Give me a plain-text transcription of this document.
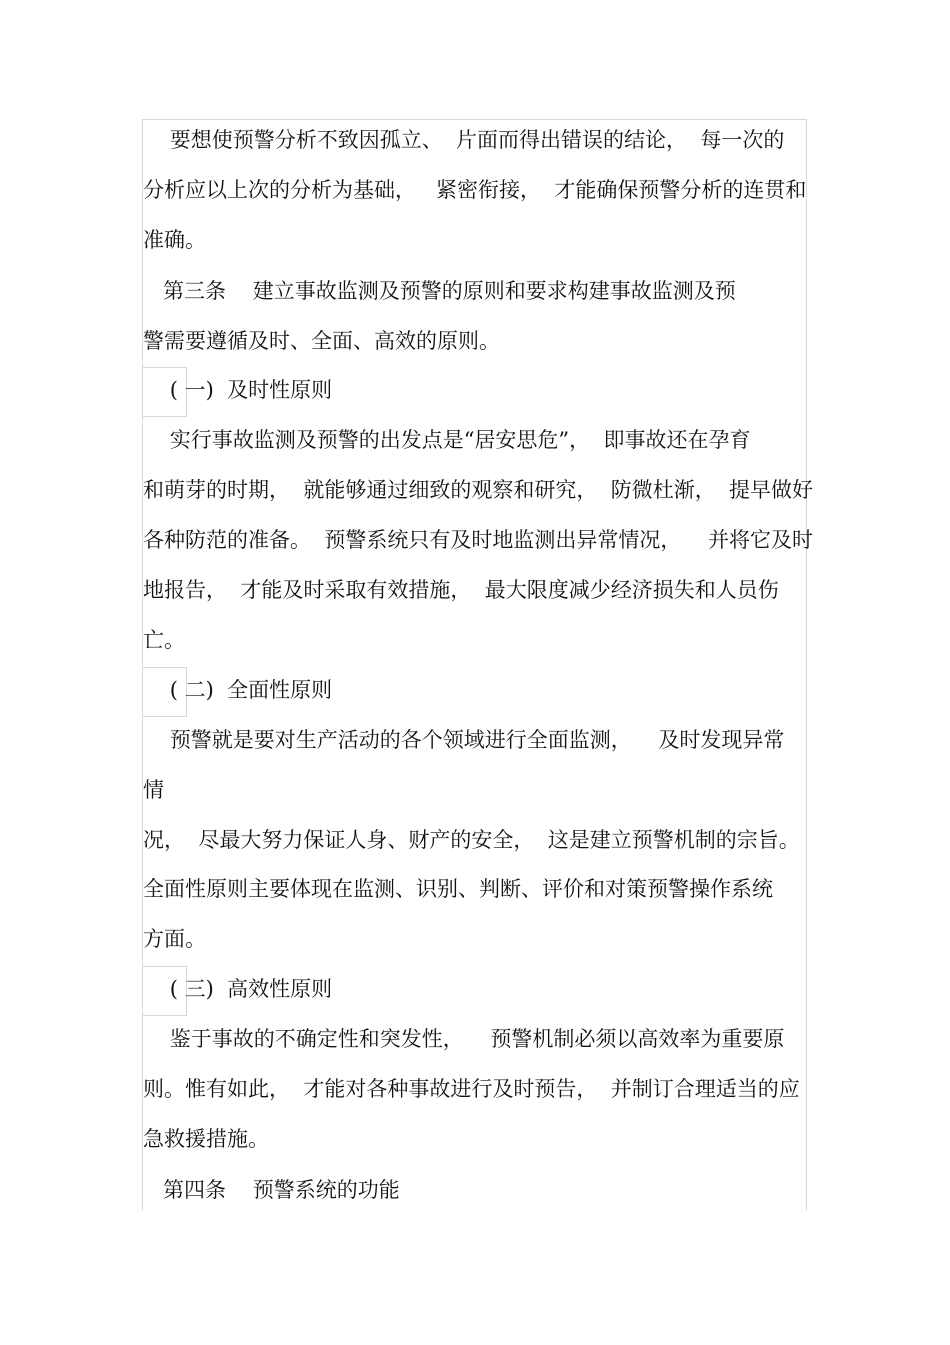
要想使预警分析不致因孤立、  片面而得出错误的结论，  每一次的
分析应以上次的分析为基础，   紧密衔接，  才能确保预警分析的连贯和
准确。
第三条    建立事故监测及预警的原则和要求构建事故监测及预
警需要遵循及时、全面、高效的原则。
( 一)  及时性原则
实行事故监测及预警的出发点是“居安思危”，  即事故还在孕育
和萌芽的时期，  就能够通过细致的观察和研究，  防微杜渐，  提早做好
各种防范的准备。  预警系统只有及时地监测出异常情况，    并将它及时
地报告，  才能及时采取有效措施，  最大限度减少经济损失和人员伤
亡。
( 二)  全面性原则
预警就是要对生产活动的各个领域进行全面监测，    及时发现异常
情
况，  尽最大努力保证人身、财产的安全，  这是建立预警机制的宗旨。
全面性原则主要体现在监测、识别、判断、评价和对策预警操作系统
方面。
( 三)  高效性原则
鉴于事故的不确定性和突发性，    预警机制必须以高效率为重要原
则。惟有如此，  才能对各种事故进行及时预告，  并制订合理适当的应
急救援措施。
第四条    预警系统的功能
